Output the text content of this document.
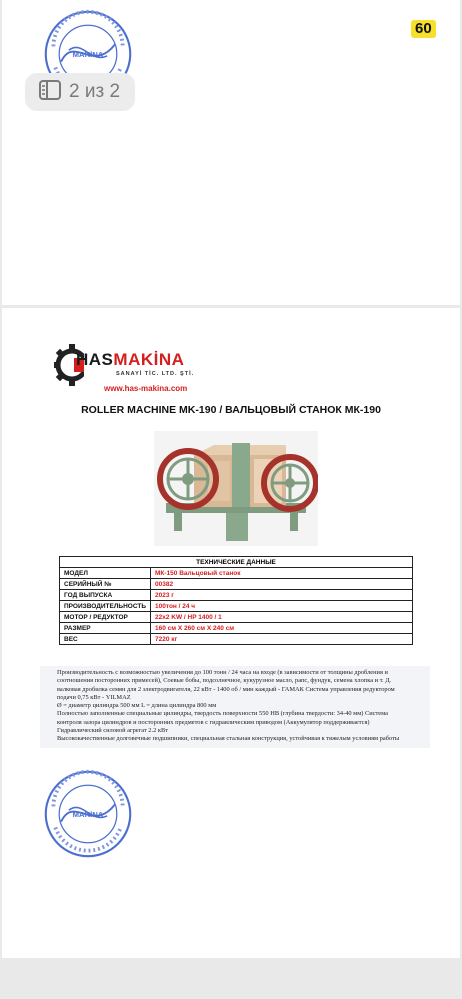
MAKİNA
60
2 из 2
HASMAKİNA
SANAYİ TİC. LTD. ŞTİ.
www.has-makina.com
ROLLER MACHINE MK-190 / ВАЛЬЦОВЫЙ СТАНОК МК-190
ТЕХНИЧЕСКИЕ ДАННЫЕ	
МОДЕЛ	МК-150 Вальцовый станок
СЕРИЙНЫЙ №	00382
ГОД ВЫПУСКА	2023 г
ПРОИЗВОДИТЕЛЬНОСТЬ	100тон / 24 ч
МОТОР / РЕДУКТОР	22x2 KW / HP 1400 / 1
РАЗМЕР	160 см X 260 см X 240 см
ВЕС	7220 кг

Производительность с возможностью увеличения до 100 тонн / 24 часа на входе (в зависимости от толщины дробления и соотношения посторонних примесей), Соевые бобы, подсолнечное, кукурузное масло, рапс, фундук, семена хлопка и т. Д. валковая дробилка семян для 2 электродвигателя, 22 кВт - 1400 об / мин каждый - ГАМАК Система управления редуктором подачи 0,75 кВт - YILMAZ

Ø = диаметр цилиндра 500 мм L = длина цилиндра 800 мм

Полностью заполненные специальные цилиндры, твердость поверхности 550 HB (глубина твердости: 34-40 мм) Система контроля зазора цилиндров и посторонних предметов с гидравлическим приводом (Аккумулятор поддерживается) Гидравлический силовой агрегат 2.2 кВт

Высококачественные долговечные подшипники, специальная стальная конструкция, устойчивая к тяжелым условиям работы

MAKİNA
